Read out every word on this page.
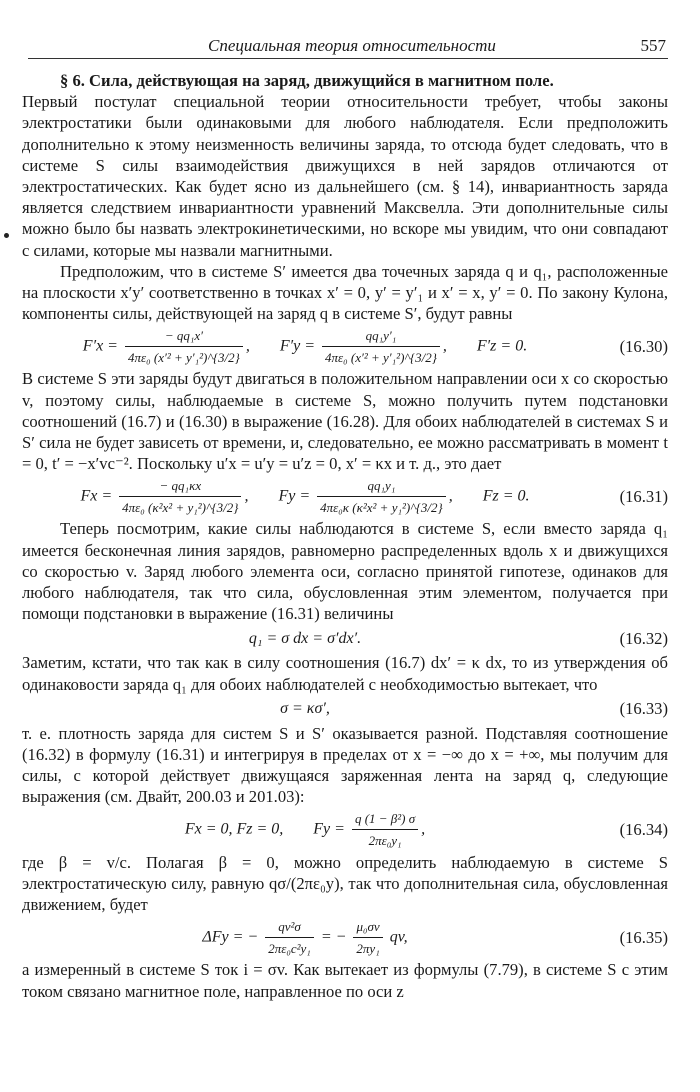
Специальная теория относительности	557

§ 6. Сила, действующая на заряд, движущийся в магнитном поле.

Первый постулат специальной теории относительности требует, чтобы законы электростатики были одинаковыми для любого наблюдателя. Если предположить дополнительно к этому неизменность величины заряда, то отсюда будет следовать, что в системе S силы взаимодействия движущихся в ней зарядов отличаются от электростатических. Как будет ясно из дальнейшего (см. § 14), инвариантность заряда является следствием инвариантности уравнений Максвелла. Эти дополнительные силы можно было бы назвать электрокинетическими, но вскоре мы увидим, что они совпадают с силами, которые мы назвали магнитными.

Предположим, что в системе S′ имеется два точечных заряда q и q₁, расположенные на плоскости x′y′ соответственно в точках x′ = 0, y′ = y′₁ и x′ = x, y′ = 0. По закону Кулона, компоненты силы, действующей на заряд q в системе S′, будут равны

$F'x = \frac{\text{− qq₁x′}}{\text{4πε₀ (x′² + y′₁²)\textasciicircum{}\{3/2\}}}$ ,  $F'y = \frac{\text{qq₁y′₁}}{\text{4πε₀ (x′² + y′₁²)\textasciicircum{}\{3/2\}}}$ ,  F′z = 0.	(16.30)

В системе S эти заряды будут двигаться в положительном направлении оси x со скоростью v, поэтому силы, наблюдаемые в системе S, можно получить путем подстановки соотношений (16.7) и (16.30) в выражение (16.28). Для обоих наблюдателей в системах S и S′ сила не будет зависеть от времени, и, следовательно, ее можно рассматривать в момент t = 0, t′ = −x′vc⁻². Поскольку u′x = u′y = u′z = 0, x′ = κx и т. д., это дает

$Fx = \frac{\text{− qq₁κx}}{\text{4πε₀ (κ²x² + y₁²)\textasciicircum{}\{3/2\}}}$ ,  $Fy = \frac{\text{qq₁y₁}}{\text{4πε₀κ (κ²x² + y₁²)\textasciicircum{}\{3/2\}}}$ ,  Fz = 0.	(16.31)

Теперь посмотрим, какие силы наблюдаются в системе S, если вместо заряда q₁ имеется бесконечная линия зарядов, равномерно распределенных вдоль x и движущихся со скоростью v. Заряд любого элемента оси, согласно принятой гипотезе, одинаков для любого наблюдателя, так что сила, обусловленная этим элементом, получается при помощи подстановки в выражение (16.31) величины

q₁ = σ dx = σ′dx′.	(16.32)

Заметим, кстати, что так как в силу соотношения (16.7) dx′ = κ dx, то из утверждения об одинаковости заряда q₁ для обоих наблюдателей с необходимостью вытекает, что

σ = κσ′,	(16.33)

т. е. плотность заряда для систем S и S′ оказывается разной. Подставляя соотношение (16.32) в формулу (16.31) и интегрируя в пределах от x = −∞ до x = +∞, мы получим для силы, с которой действует движущаяся заряженная лента на заряд q, следующие выражения (см. Двайт, 200.03 и 201.03):

Fx = 0, Fz = 0, $Fy = \frac{\text{q (1 − β²) σ}}{\text{2πε₀y₁}}$ ,	(16.34)

где β = v/c. Полагая β = 0, можно определить наблюдаемую в системе S электростатическую силу, равную qσ/(2πε₀y), так что дополнительная сила, обусловленная движением, будет

ΔFy = − $\frac{\text{qv²σ}}{\text{2πε₀c²y₁}}$ = − $\frac{\text{μ₀σv}}{\text{2πy₁}}$ qv,	(16.35)

а измеренный в системе S ток i = σv. Как вытекает из формулы (7.79), в системе S с этим током связано магнитное поле, направленное по оси z
